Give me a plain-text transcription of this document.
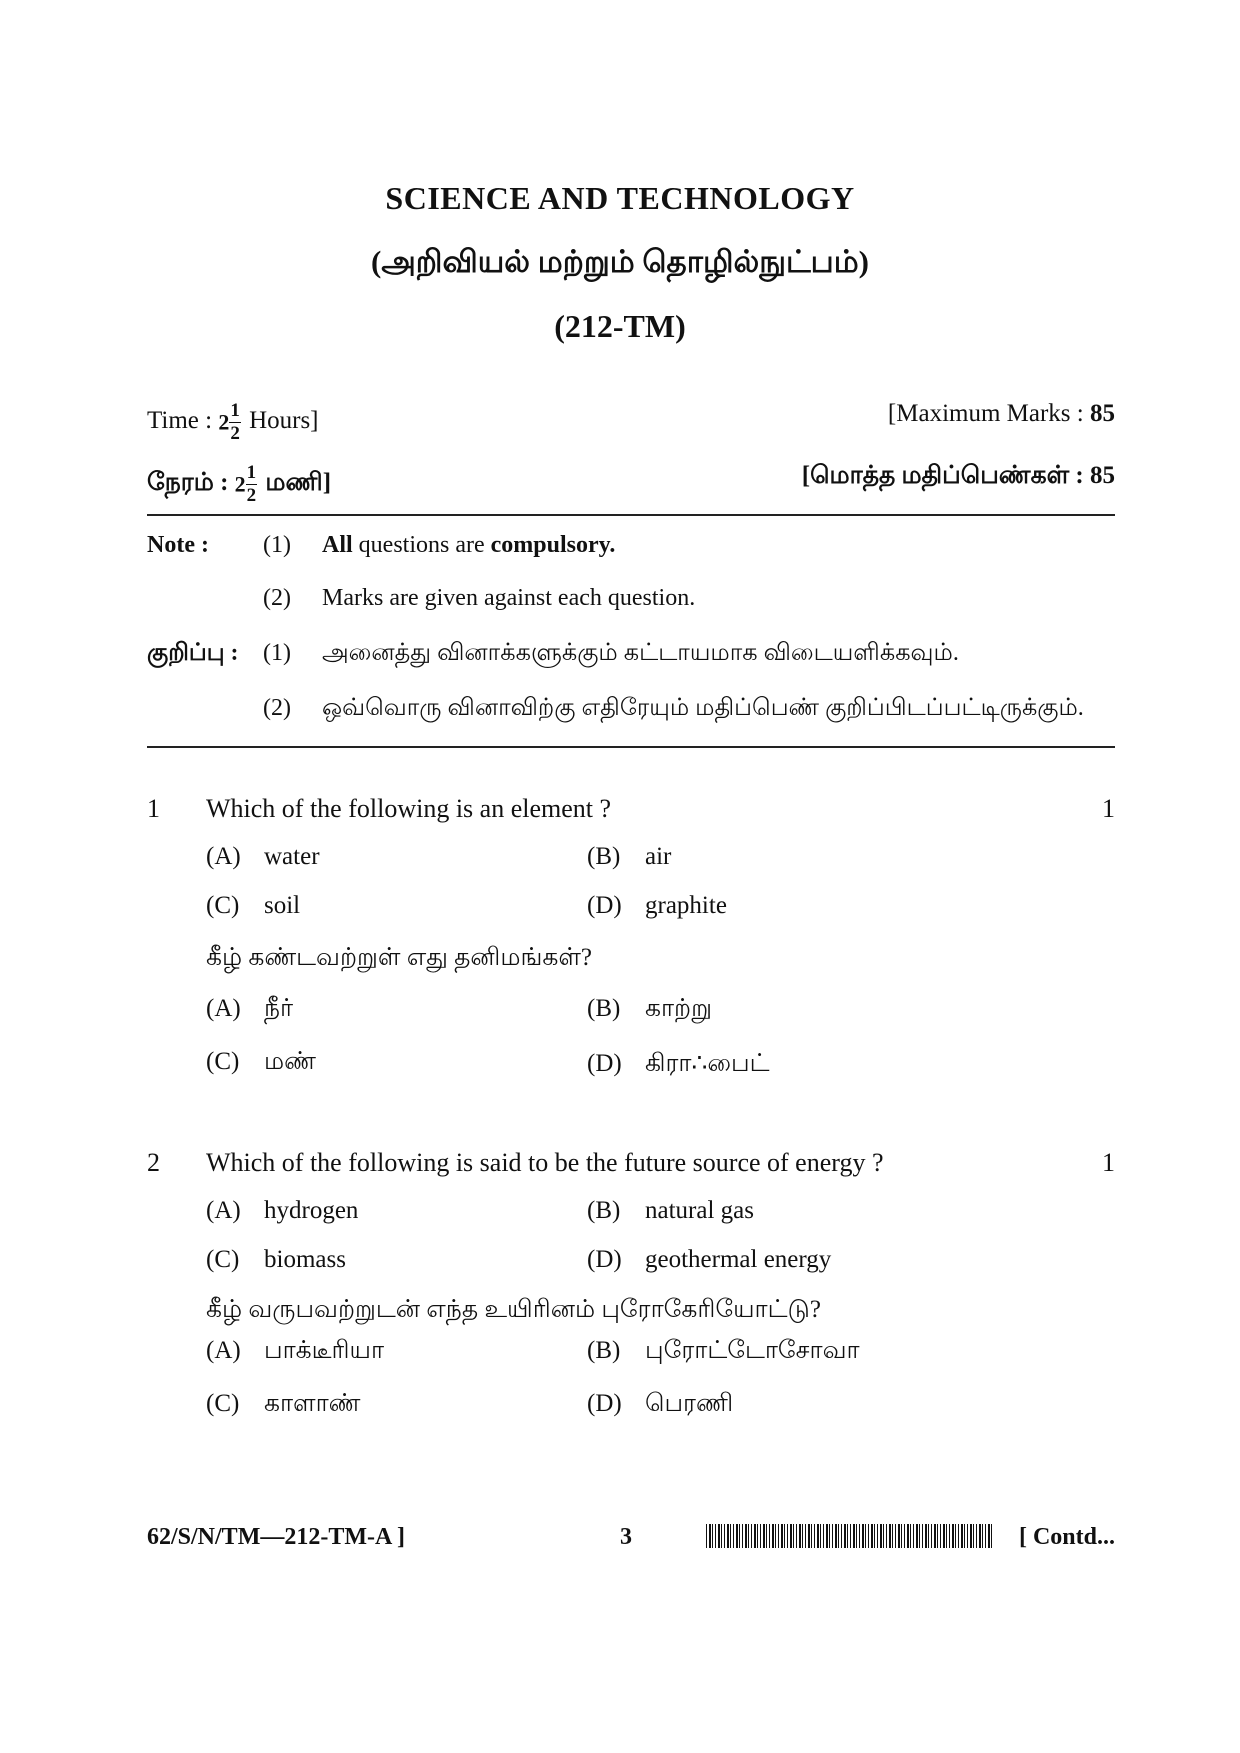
SCIENCE AND TECHNOLOGY
(அறிவியல் மற்றும் தொழில்நுட்பம்)
(212-TM)
Time : $2 \frac{1}{2}$ Hours]	[Maximum Marks : 85
நேரம் : $2 \frac{1}{2}$ மணி]	[மொத்த மதிப்பெண்கள் : 85
Note : (1) All questions are compulsory.
(2) Marks are given against each question.
குறிப்பு : (1) அனைத்து வினாக்களுக்கும் கட்டாயமாக விடையளிக்கவும்.
(2) ஒவ்வொரு வினாவிற்கு எதிரேயும் மதிப்பெண் குறிப்பிடப்பட்டிருக்கும்.
1 Which of the following is an element ?	1
(A) water	(B) air
(C) soil	(D) graphite
கீழ் கண்டவற்றுள் எது தனிமங்கள்?
(A) நீர்	(B) காற்று
(C) மண்	(D) கிரா∴பைட்
2 Which of the following is said to be the future source of energy ?	1
(A) hydrogen	(B) natural gas
(C) biomass	(D) geothermal energy
கீழ் வருபவற்றுடன் எந்த உயிரினம் புரோகேரியோட்டு?
(A) பாக்டீரியா	(B) புரோட்டோசோவா
(C) காளாண்	(D) பெரணி
62/S/N/TM—212-TM-A ]	3	[ Contd...
